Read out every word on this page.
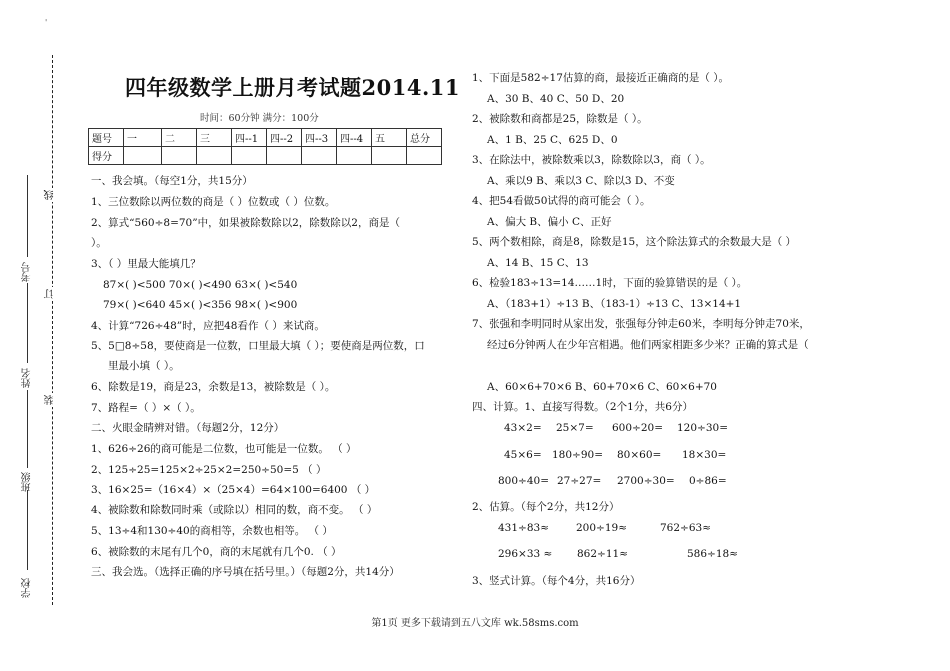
'
线
订
装
学校
班级
姓名
考号
四年级数学上册月考试题2014.11
时间：60分钟 满分：100分
题号	一	二	三	四--1	四--2	四--3	四--4	五	总分
得分									
一、我会填。（每空1分，共15分）
1、三位数除以两位数的商是（ ）位数或（ ）位数。
2、算式“560÷8=70”中，如果被除数除以2，除数除以2，商是（
）。
3、（ ）里最大能填几？
87×( )<500 70×( )<490 63×( )<540
79×( )<640 45×( )<356 98×( )<900
4、计算“726÷48”时，应把48看作（ ）来试商。
5、5□8÷58，要使商是一位数，口里最大填（ ）；要使商是两位数，口
里最小填（ ）。
6、除数是19，商是23，余数是13，被除数是（ ）。
7、路程=（ ）×（ ）。
二、火眼金睛辨对错。（每题2分，12分）
1、626÷26的商可能是二位数，也可能是一位数。 （ ）
2、125÷25=125×2÷25×2=250÷50=5 （ ）
3、16×25=（16×4）×（25×4）=64×100=6400 （ ）
4、被除数和除数同时乘（或除以）相同的数，商不变。 （ ）
5、13÷4和130÷40的商相等，余数也相等。 （ ）
6、被除数的末尾有几个0，商的末尾就有几个0. （ ）
三、我会选。（选择正确的序号填在括号里。）（每题2分，共14分）
1、下面是582÷17估算的商，最接近正确商的是（ ）。
A、30 B、40 C、50 D、20
2、被除数和商都是25，除数是（ ）。
A、1 B、25 C、625 D、0
3、在除法中，被除数乘以3，除数除以3，商（ ）。
A、乘以9 B、乘以3 C、除以3 D、不变
4、把54看做50试得的商可能会（ ）。
A、偏大 B、偏小 C、正好
5、两个数相除，商是8，除数是15，这个除法算式的余数最大是（ ）
A、14 B、15 C、13
6、检验183÷13=14……1时，下面的验算错误的是（ ）。
A、（183+1）÷13 B、（183-1）÷13 C、13×14+1
7、张强和李明同时从家出发，张强每分钟走60米，李明每分钟走70米，
经过6分钟两人在少年宫相遇。他们两家相距多少米？正确的算式是（
A、60×6+70×6 B、60+70×6 C、60×6+70
四、计算。1、直接写得数。（2个1分，共6分）
43×2= 25×7= 600÷20= 120÷30=
45×6= 180÷90= 80×60= 18×30=
800÷40= 27÷27= 2700÷30= 0÷86=
2、估算。（每个2分，共12分）
431÷83≈	200÷19≈	762÷63≈
296×33 ≈ 862÷11≈	586÷18≈
3、竖式计算。（每个4分，共16分）
第1页 更多下载请到五八文库 wk.58sms.com
